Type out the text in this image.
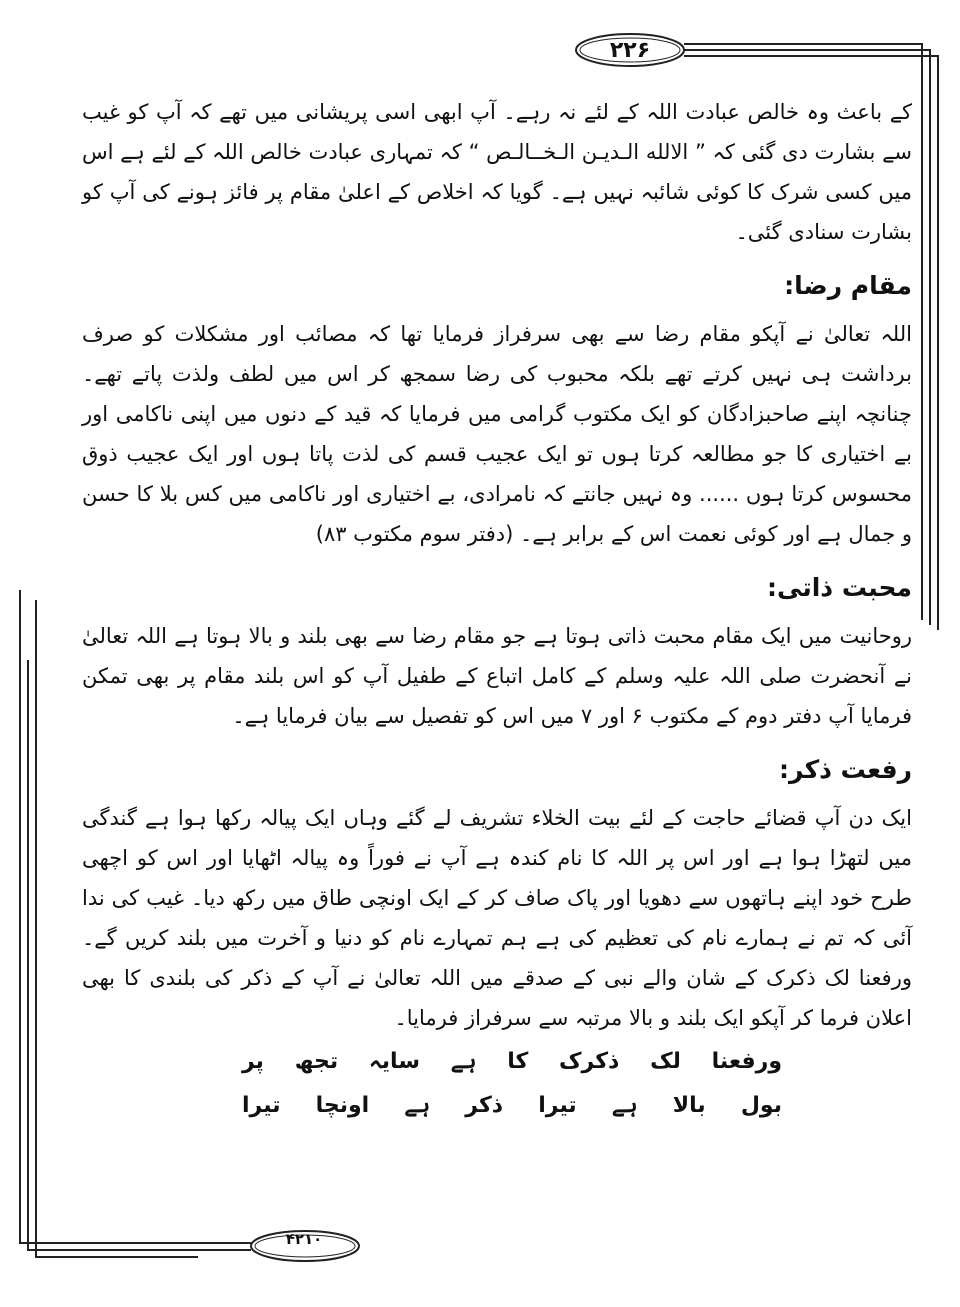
۲۲۶
۴۲۱۰

کے باعث وہ خالص عبادت اللہ کے لئے نہ رہے۔ آپ ابھی اسی پریشانی میں تھے کہ آپ کو غیب سے بشارت دی گئی کہ ” الالله الـديـن الـخــالـص “ کہ تمہاری عبادت خالص اللہ کے لئے ہے اس میں کسی شرک کا کوئی شائبہ نہیں ہے۔ گویا کہ اخلاص کے اعلیٰ مقام پر فائز ہونے کی آپ کو بشارت سنادی گئی۔

مقام رضا:

اللہ تعالیٰ نے آپکو مقام رضا سے بھی سرفراز فرمایا تھا کہ مصائب اور مشکلات کو صرف برداشت ہی نہیں کرتے تھے بلکہ محبوب کی رضا سمجھ کر اس میں لطف ولذت پاتے تھے۔ چنانچہ اپنے صاحبزادگان کو ایک مکتوب گرامی میں فرمایا کہ قید کے دنوں میں اپنی ناکامی اور بے اختیاری کا جو مطالعہ کرتا ہوں تو ایک عجیب قسم کی لذت پاتا ہوں اور ایک عجیب ذوق محسوس کرتا ہوں ...... وہ نہیں جانتے کہ نامرادی، بے اختیاری اور ناکامی میں کس بلا کا حسن و جمال ہے اور کوئی نعمت اس کے برابر ہے۔ (دفتر سوم مکتوب ۸۳)

محبت ذاتی:

روحانیت میں ایک مقام محبت ذاتی ہوتا ہے جو مقام رضا سے بھی بلند و بالا ہوتا ہے اللہ تعالیٰ نے آنحضرت صلی اللہ علیہ وسلم کے کامل اتباع کے طفیل آپ کو اس بلند مقام پر بھی تمکن فرمایا آپ دفتر دوم کے مکتوب ۶ اور ۷ میں اس کو تفصیل سے بیان فرمایا ہے۔

رفعت ذکر:

ایک دن آپ قضائے حاجت کے لئے بیت الخلاء تشریف لے گئے وہاں ایک پیالہ رکھا ہوا ہے گندگی میں لتھڑا ہوا ہے اور اس پر اللہ کا نام کندہ ہے آپ نے فوراً وہ پیالہ اٹھایا اور اس کو اچھی طرح خود اپنے ہاتھوں سے دھویا اور پاک صاف کر کے ایک اونچی طاق میں رکھ دیا۔ غیب کی ندا آئی کہ تم نے ہمارے نام کی تعظیم کی ہے ہم تمہارے نام کو دنیا و آخرت میں بلند کریں گے۔ ورفعنا لک ذکرک کے شان والے نبی کے صدقے میں اللہ تعالیٰ نے آپ کے ذکر کی بلندی کا بھی اعلان فرما کر آپکو ایک بلند و بالا مرتبہ سے سرفراز فرمایا۔

ورفعنا لک ذکرک کا ہے سایہ تجھ پر
بول بالا ہے تیرا ذکر ہے اونچا تیرا
